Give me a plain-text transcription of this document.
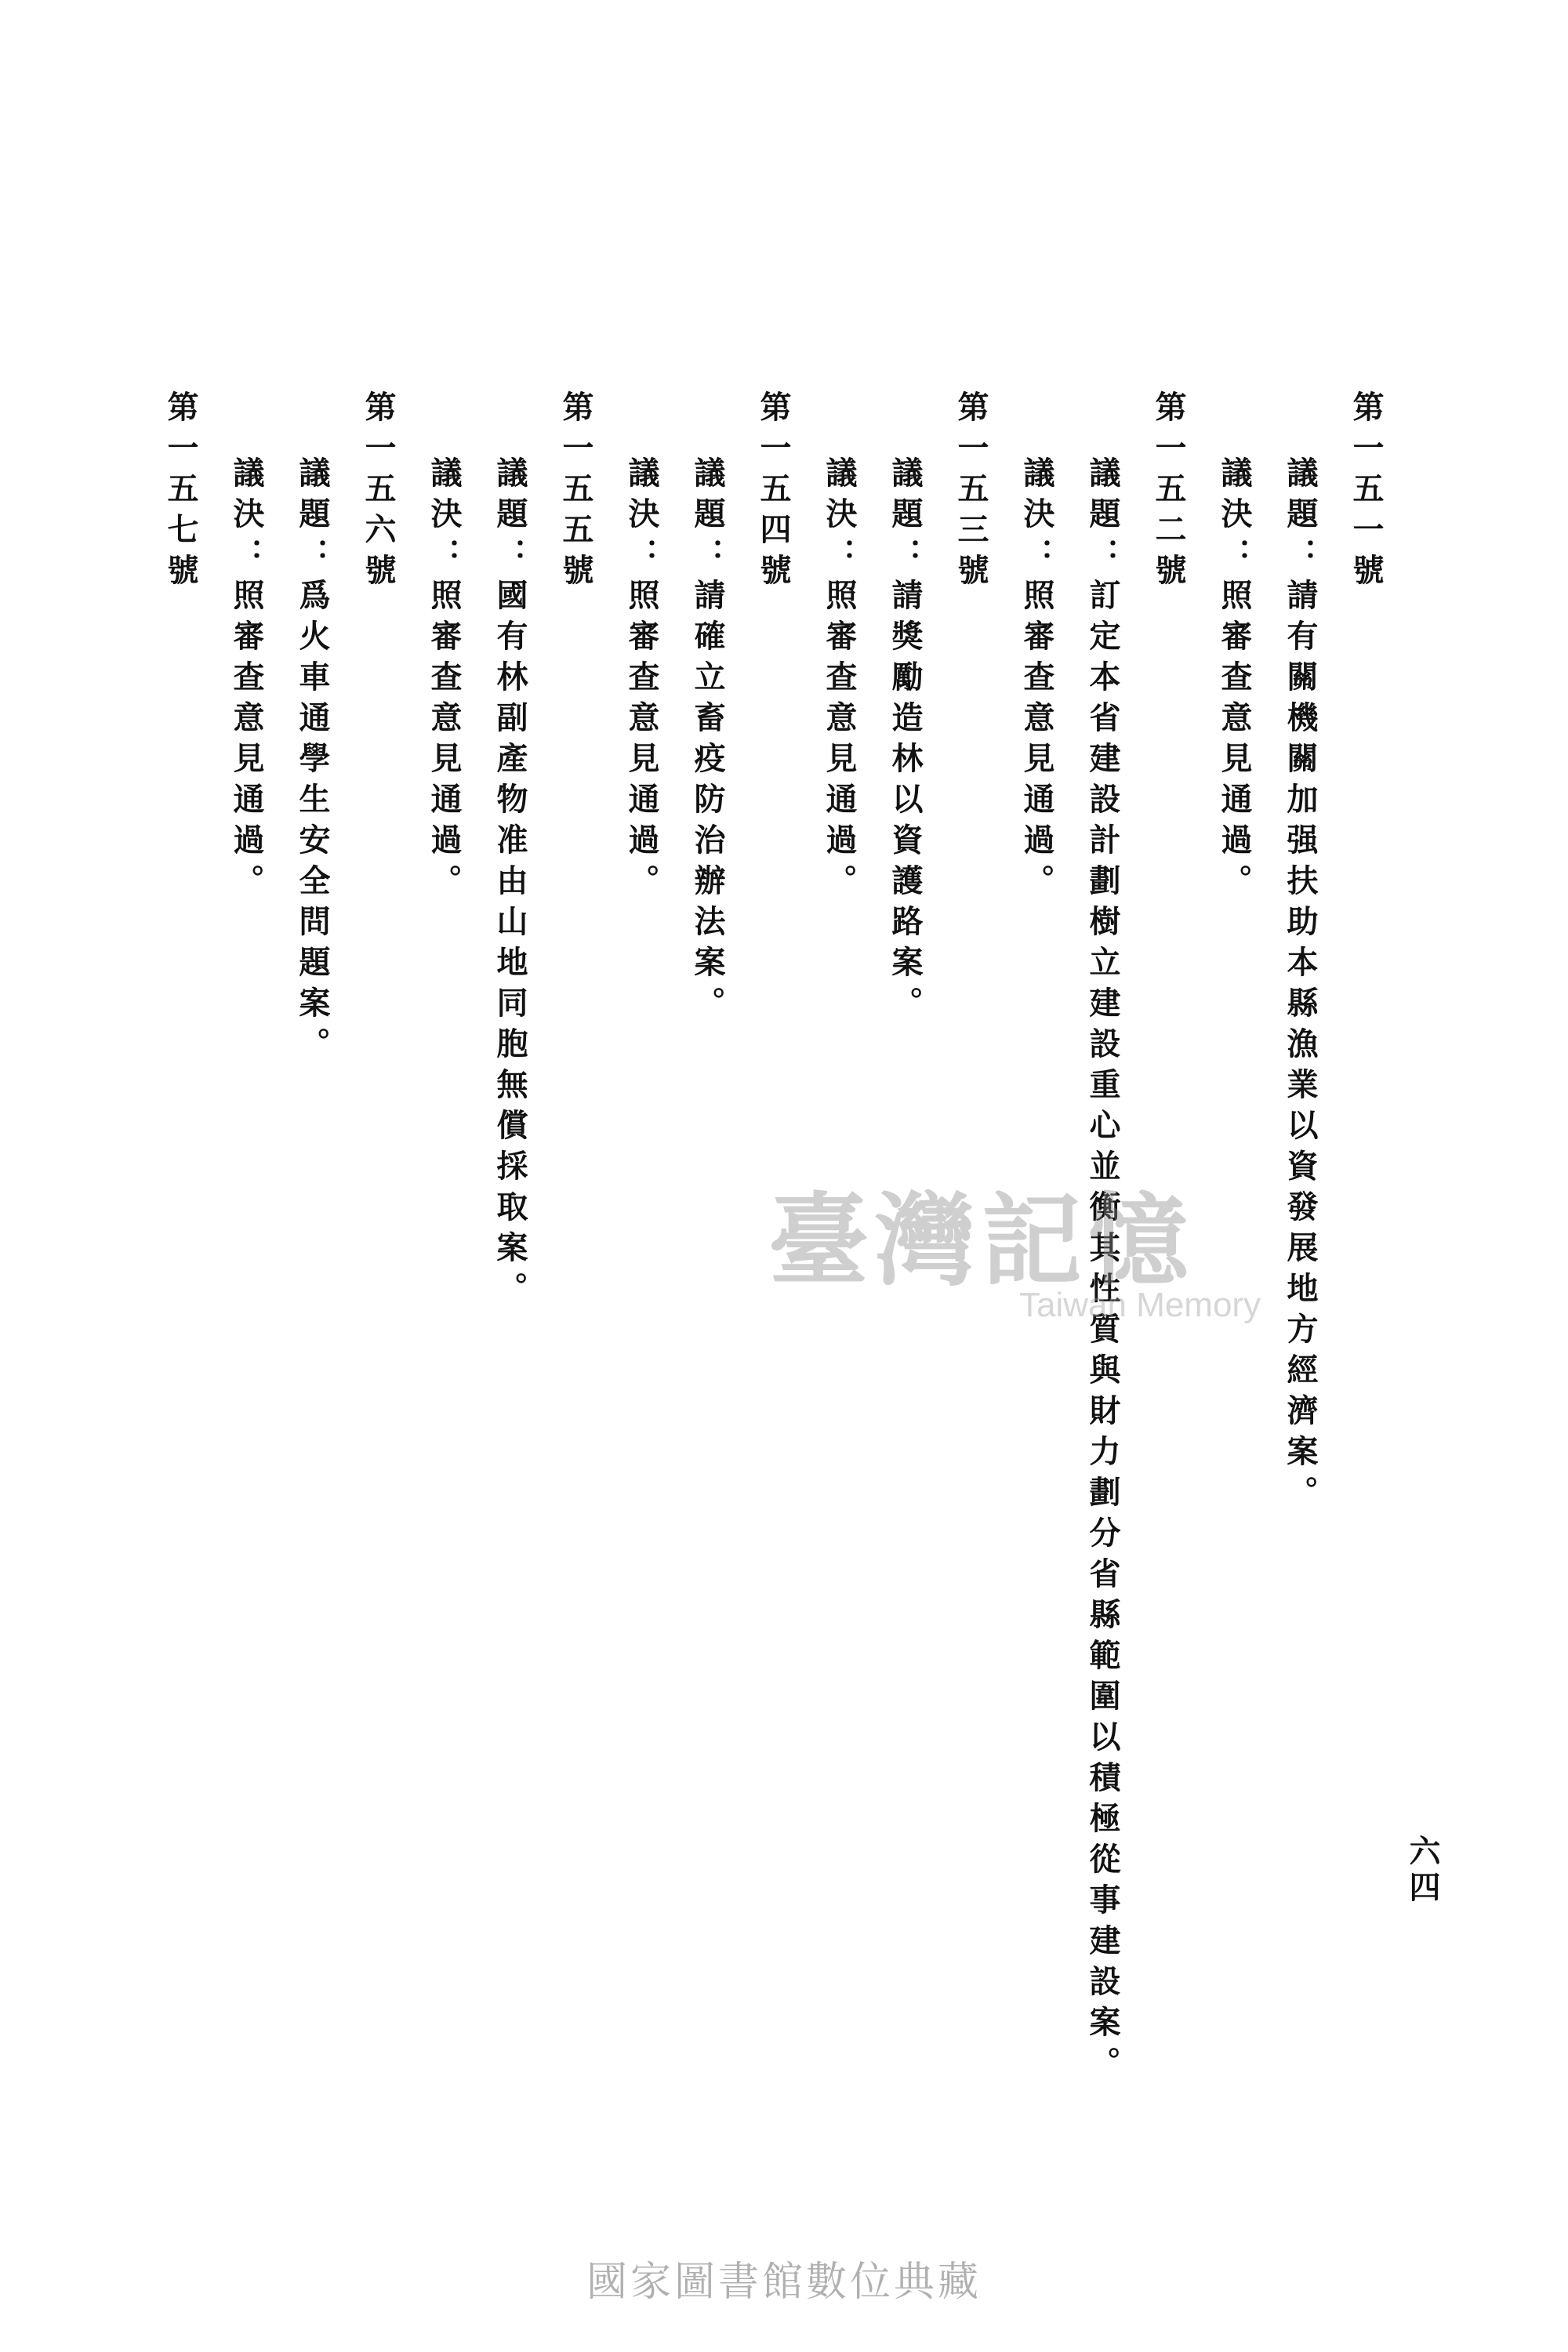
第一五一號
議題：請有關機關加强扶助本縣漁業以資發展地方經濟案。
議決：照審查意見通過。
第一五二號
議題：訂定本省建設計劃樹立建設重心並衡其性質與財力劃分省縣範圍以積極從事建設案。
議決：照審查意見通過。
第一五三號
議題：請獎勵造林以資護路案。
議決：照審查意見通過。
第一五四號
議題：請確立畜疫防治辦法案。
議決：照審查意見通過。
第一五五號
議題：國有林副產物准由山地同胞無償採取案。
議決：照審查意見通過。
第一五六號
議題：爲火車通學生安全問題案。
議決：照審查意見通過。
第一五七號
六四
臺灣記憶
Taiwan Memory
國家圖書館數位典藏
